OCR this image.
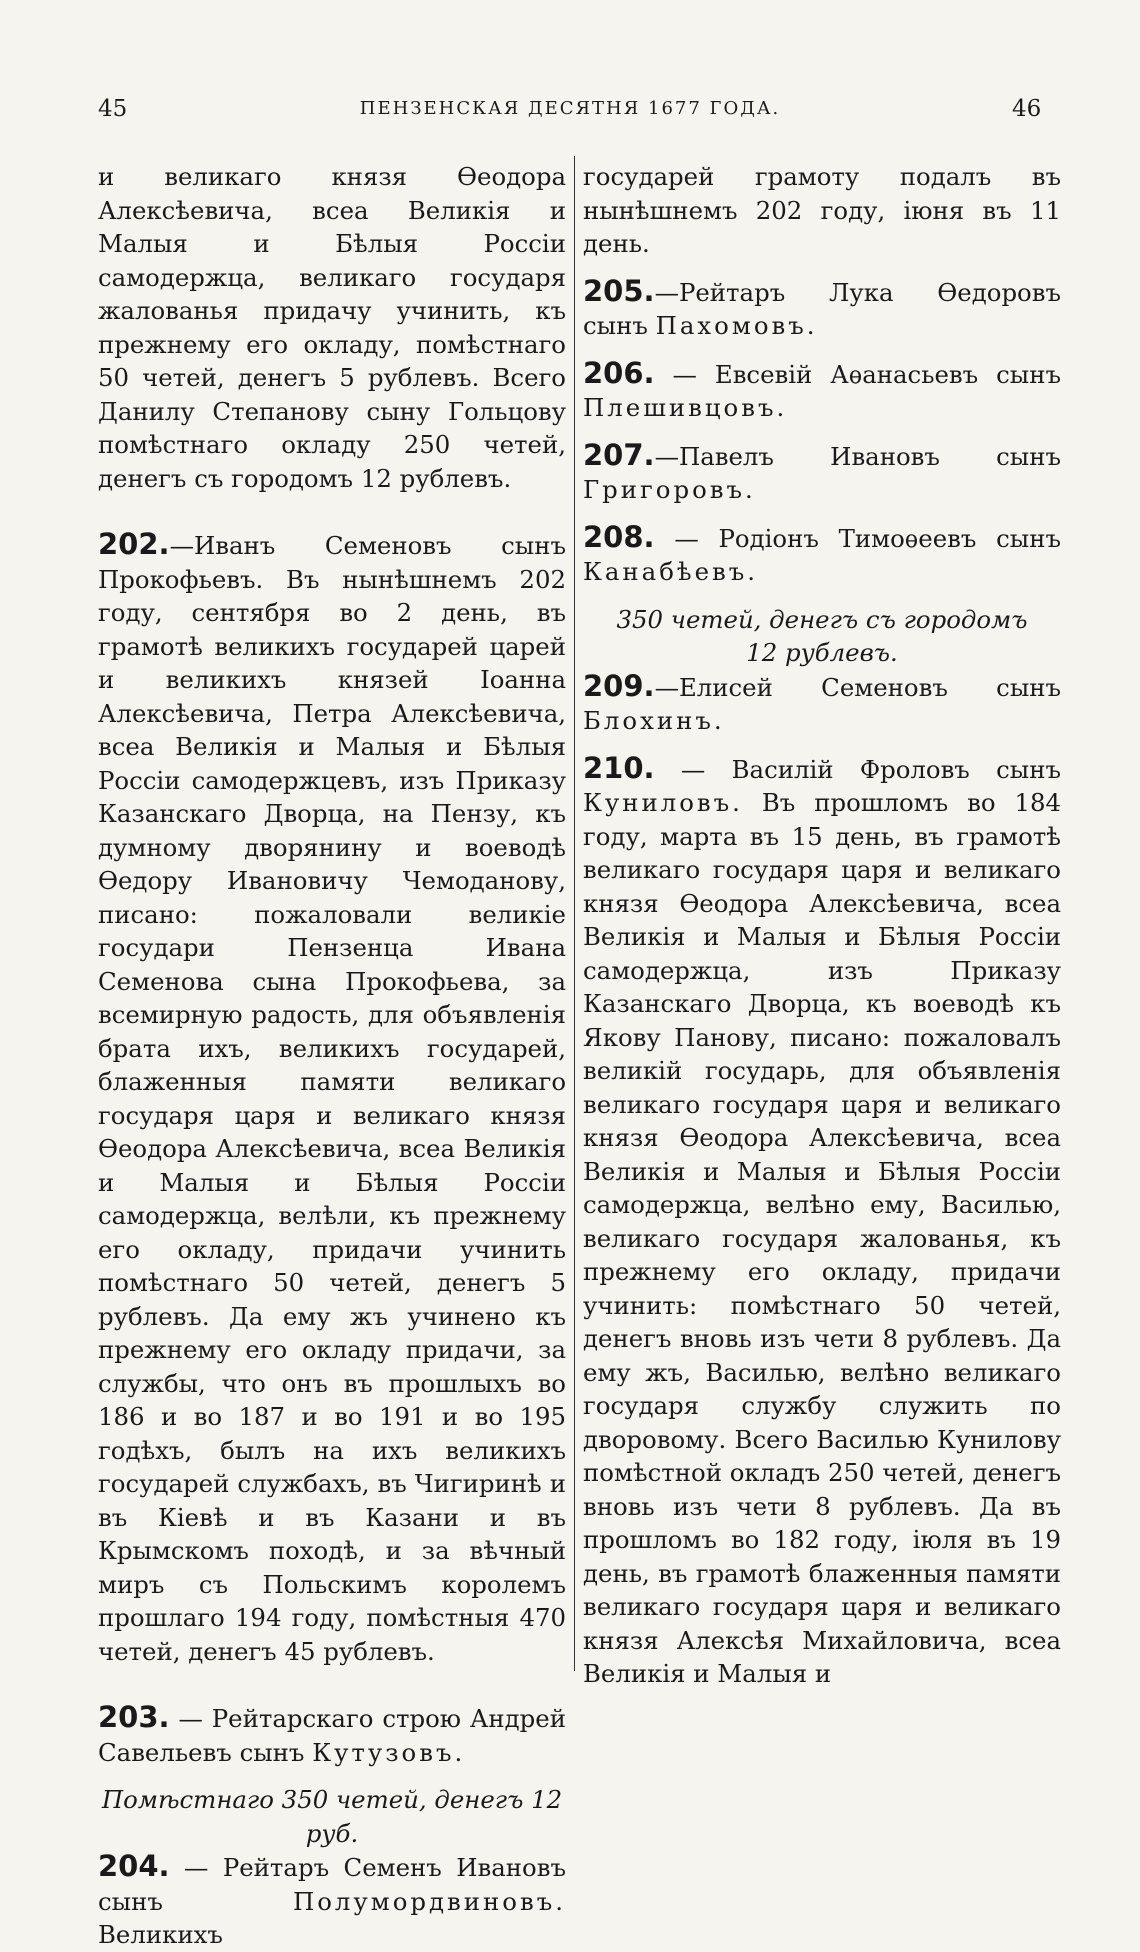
45	ПЕНЗЕНСКАЯ ДЕСЯТНЯ 1677 ГОДА.	46

и великаго князя Ѳеодора Алексѣевича, всеа Великія и Малыя и Бѣлыя Россіи самодержца, великаго государя жалованья придачу учинить, къ прежнему его окладу, помѣстнаго 50 четей, денегъ 5 рублевъ. Всего Данилу Степанову сыну Гольцову помѣстнаго окладу 250 четей, денегъ съ городомъ 12 рублевъ.

202.—Иванъ Семеновъ сынъ Прокофьевъ. Въ нынѣшнемъ 202 году, сентября во 2 день, въ грамотѣ великихъ государей царей и великихъ князей Іоанна Алексѣевича, Петра Алексѣевича, всеа Великія и Малыя и Бѣлыя Россіи самодержцевъ, изъ Приказу Казанскаго Дворца, на Пензу, къ думному дворянину и воеводѣ Ѳедору Ивановичу Чемоданову, писано: пожаловали великіе государи Пензенца Ивана Семенова сына Прокофьева, за всемирную радость, для объявленія брата ихъ, великихъ государей, блаженныя памяти великаго государя царя и великаго князя Ѳеодора Алексѣевича, всеа Великія и Малыя и Бѣлыя Россіи самодержца, велѣли, къ прежнему его окладу, придачи учинить помѣстнаго 50 четей, денегъ 5 рублевъ. Да ему жъ учинено къ прежнему его окладу придачи, за службы, что онъ въ прошлыхъ во 186 и во 187 и во 191 и во 195 годѣхъ, былъ на ихъ великихъ государей службахъ, въ Чигиринѣ и въ Кіевѣ и въ Казани и въ Крымскомъ походѣ, и за вѣчный миръ съ Польскимъ королемъ прошлаго 194 году, помѣстныя 470 четей, денегъ 45 рублевъ.

203. — Рейтарскаго строю Андрей Савельевъ сынъ Кутузовъ.

Помѣстнаго 350 четей, денегъ 12 руб.

204. — Рейтаръ Семенъ Ивановъ сынъ Полумордвиновъ. Великихъ

государей грамоту подалъ въ нынѣшнемъ 202 году, іюня въ 11 день.

205.—Рейтаръ Лука Ѳедоровъ сынъ Пахомовъ.

206. — Евсевій Аѳанасьевъ сынъ Плешивцовъ.

207.—Павелъ Ивановъ сынъ Григоровъ.

208. — Родіонъ Тимоѳеевъ сынъ Канабѣевъ.

350 четей, денегъ съ городомъ

12 рублевъ.

209.—Елисей Семеновъ сынъ Блохинъ.

210. — Василій Фроловъ сынъ Куниловъ. Въ прошломъ во 184 году, марта въ 15 день, въ грамотѣ великаго государя царя и великаго князя Ѳеодора Алексѣевича, всеа Великія и Малыя и Бѣлыя Россіи самодержца, изъ Приказу Казанскаго Дворца, къ воеводѣ къ Якову Панову, писано: пожаловалъ великій государь, для объявленія великаго государя царя и великаго князя Ѳеодора Алексѣевича, всеа Великія и Малыя и Бѣлыя Россіи самодержца, велѣно ему, Василью, великаго государя жалованья, къ прежнему его окладу, придачи учинить: помѣстнаго 50 четей, денегъ вновь изъ чети 8 рублевъ. Да ему жъ, Василью, велѣно великаго государя службу служить по дворовому. Всего Василью Кунилову помѣстной окладъ 250 четей, денегъ вновь изъ чети 8 рублевъ. Да въ прошломъ во 182 году, іюля въ 19 день, въ грамотѣ блаженныя памяти великаго государя царя и великаго князя Алексѣя Михайловича, всеа Великія и Малыя и
